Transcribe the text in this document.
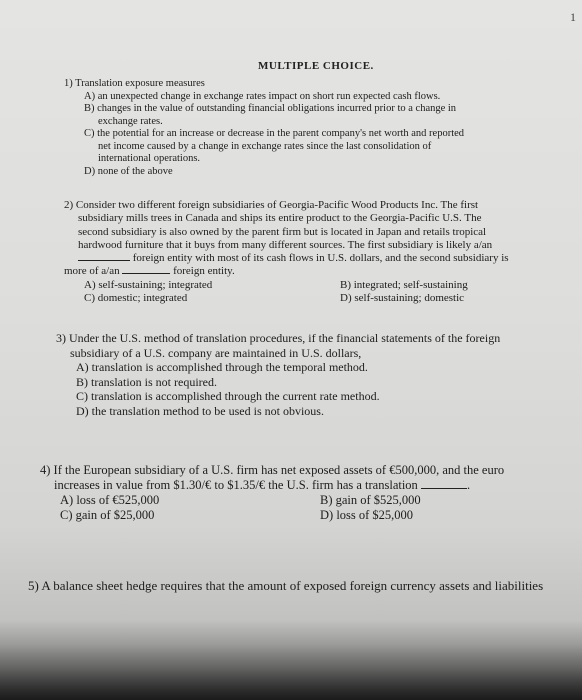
1
MULTIPLE CHOICE.
1) Translation exposure measures
A) an unexpected change in exchange rates impact on short run expected cash flows.
B) changes in the value of outstanding financial obligations incurred prior to a change in
exchange rates.
C) the potential for an increase or decrease in the parent company's net worth and reported
net income caused by a change in exchange rates since the last consolidation of
international operations.
D) none of the above
2) Consider two different foreign subsidiaries of Georgia-Pacific Wood Products Inc. The first
subsidiary mills trees in Canada and ships its entire product to the Georgia-Pacific U.S. The
second subsidiary is also owned by the parent firm but is located in Japan and retails tropical
hardwood furniture that it buys from many different sources. The first subsidiary is likely a/an
foreign entity with most of its cash flows in U.S. dollars, and the second subsidiary is
more of a/an	foreign entity.
A) self-sustaining; integrated	B) integrated; self-sustaining
C) domestic; integrated	D) self-sustaining; domestic
3) Under the U.S. method of translation procedures, if the financial statements of the foreign
subsidiary of a U.S. company are maintained in U.S. dollars,
A) translation is accomplished through the temporal method.
B) translation is not required.
C) translation is accomplished through the current rate method.
D) the translation method to be used is not obvious.
4) If the European subsidiary of a U.S. firm has net exposed assets of €500,000, and the euro
increases in value from $1.30/€ to $1.35/€ the U.S. firm has a translation	.
A) loss of €525,000	B) gain of $525,000
C) gain of $25,000	D) loss of $25,000
5) A balance sheet hedge requires that the amount of exposed foreign currency assets and liabilities
